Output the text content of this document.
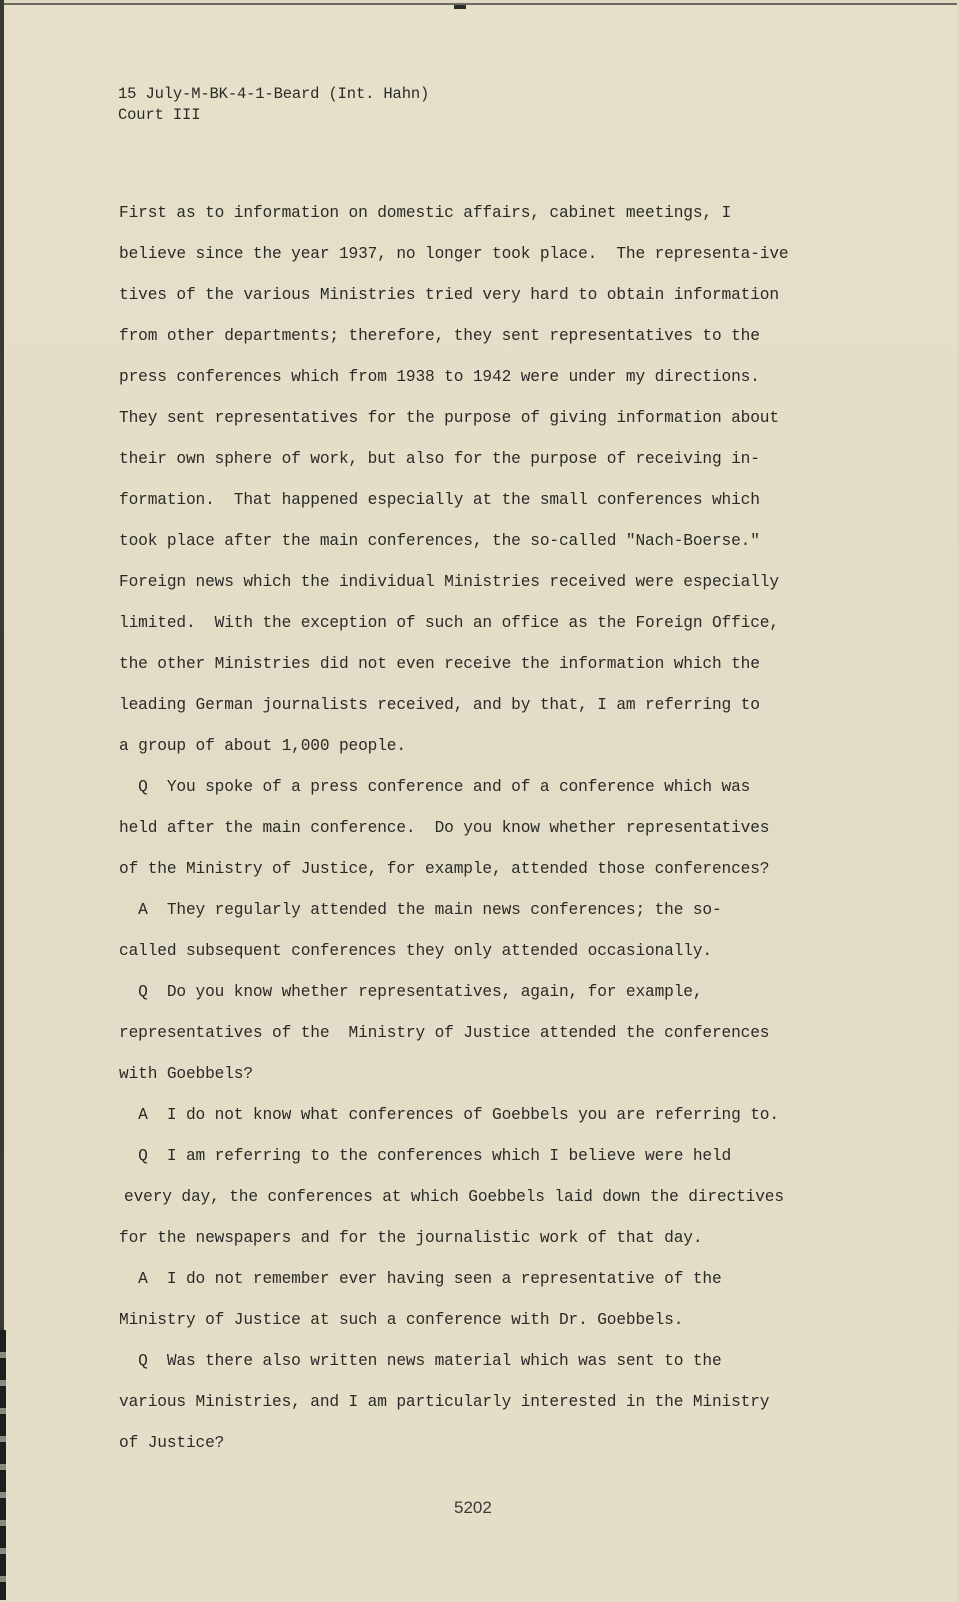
15 July-M-BK-4-1-Beard (Int. Hahn)
Court III
First as to information on domestic affairs, cabinet meetings, I
believe since the year 1937, no longer took place.  The representa-ive
tives of the various Ministries tried very hard to obtain information
from other departments; therefore, they sent representatives to the
press conferences which from 1938 to 1942 were under my directions.
They sent representatives for the purpose of giving information about
their own sphere of work, but also for the purpose of receiving in-
formation.  That happened especially at the small conferences which
took place after the main conferences, the so-called "Nach-Boerse."
Foreign news which the individual Ministries received were especially
limited.  With the exception of such an office as the Foreign Office,
the other Ministries did not even receive the information which the
leading German journalists received, and by that, I am referring to
a group of about 1,000 people.
Q  You spoke of a press conference and of a conference which was
held after the main conference.  Do you know whether representatives
of the Ministry of Justice, for example, attended those conferences?
A  They regularly attended the main news conferences; the so-
called subsequent conferences they only attended occasionally.
Q  Do you know whether representatives, again, for example,
representatives of the  Ministry of Justice attended the conferences
with Goebbels?
A  I do not know what conferences of Goebbels you are referring to.
Q  I am referring to the conferences which I believe were held
every day, the conferences at which Goebbels laid down the directives
for the newspapers and for the journalistic work of that day.
A  I do not remember ever having seen a representative of the
Ministry of Justice at such a conference with Dr. Goebbels.
Q  Was there also written news material which was sent to the
various Ministries, and I am particularly interested in the Ministry
of Justice?
5202
